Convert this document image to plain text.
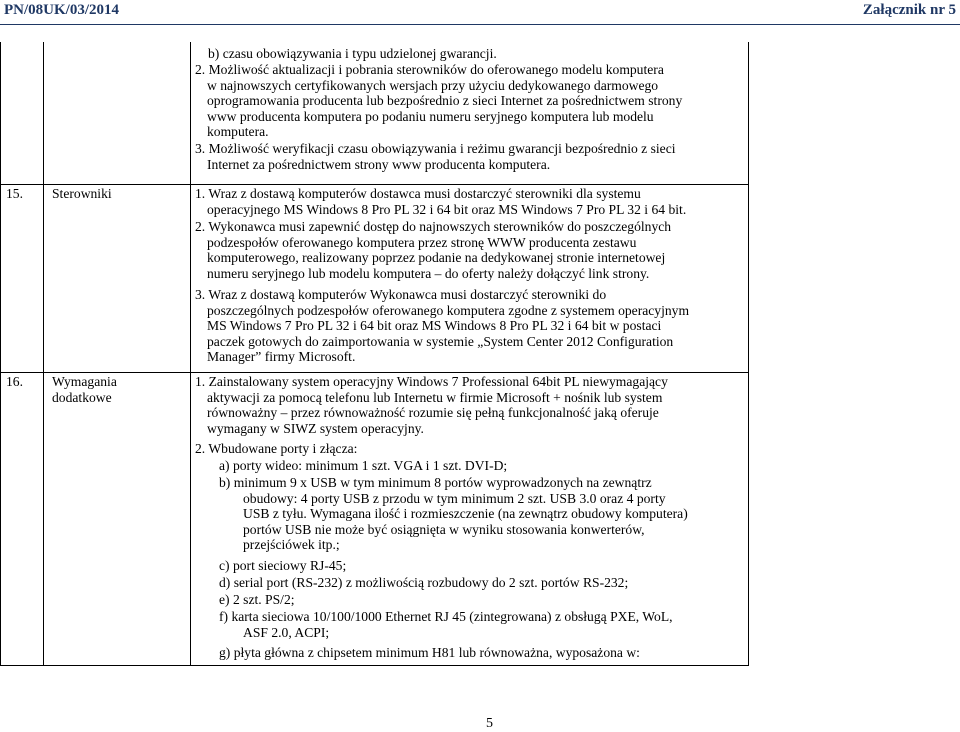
PN/08UK/03/2014	Załącznik nr 5
b) czasu obowiązywania i typu udzielonej gwarancji.
2. Możliwość aktualizacji i pobrania sterowników do oferowanego modelu komputera
w najnowszych certyfikowanych wersjach przy użyciu dedykowanego darmowego
oprogramowania producenta lub bezpośrednio z sieci Internet za pośrednictwem strony
www producenta komputera po podaniu numeru seryjnego komputera lub modelu
komputera.
3. Możliwość weryfikacji czasu obowiązywania i reżimu gwarancji bezpośrednio z sieci
Internet za pośrednictwem strony www producenta komputera.
15. Sterowniki	1. Wraz z dostawą komputerów dostawca musi dostarczyć sterowniki dla systemu
operacyjnego MS Windows 8 Pro PL 32 i 64 bit oraz MS Windows 7 Pro PL 32 i 64 bit.
2. Wykonawca musi zapewnić dostęp do najnowszych sterowników do poszczególnych
podzespołów oferowanego komputera przez stronę WWW producenta zestawu
komputerowego, realizowany poprzez podanie na dedykowanej stronie internetowej
numeru seryjnego lub modelu komputera – do oferty należy dołączyć link strony.
3. Wraz z dostawą komputerów Wykonawca musi dostarczyć sterowniki do
poszczególnych podzespołów oferowanego komputera zgodne z systemem operacyjnym
MS Windows 7 Pro PL 32 i 64 bit oraz MS Windows 8 Pro PL 32 i 64 bit w postaci
paczek gotowych do zaimportowania w systemie „System Center 2012 Configuration
Manager” firmy Microsoft.
16. Wymagania
dodatkowe
1. Zainstalowany system operacyjny Windows 7 Professional 64bit PL niewymagający
aktywacji za pomocą telefonu lub Internetu w firmie Microsoft + nośnik lub system
równoważny – przez równoważność rozumie się pełną funkcjonalność jaką oferuje
wymagany w SIWZ system operacyjny.
2. Wbudowane porty i złącza:
a) porty wideo: minimum 1 szt. VGA i 1 szt. DVI-D;
b) minimum 9 x USB w tym minimum 8 portów wyprowadzonych na zewnątrz
obudowy: 4 porty USB z przodu w tym minimum 2 szt. USB 3.0 oraz 4 porty
USB z tyłu. Wymagana ilość i rozmieszczenie (na zewnątrz obudowy komputera)
portów USB nie może być osiągnięta w wyniku stosowania konwerterów,
przejściówek itp.;
c) port sieciowy RJ-45;
d) serial port (RS-232) z możliwością rozbudowy do 2 szt. portów RS-232;
e) 2 szt. PS/2;
f) karta sieciowa 10/100/1000 Ethernet RJ 45 (zintegrowana) z obsługą PXE, WoL,
ASF 2.0, ACPI;
g) płyta główna z chipsetem minimum H81 lub równoważna, wyposażona w:
5
